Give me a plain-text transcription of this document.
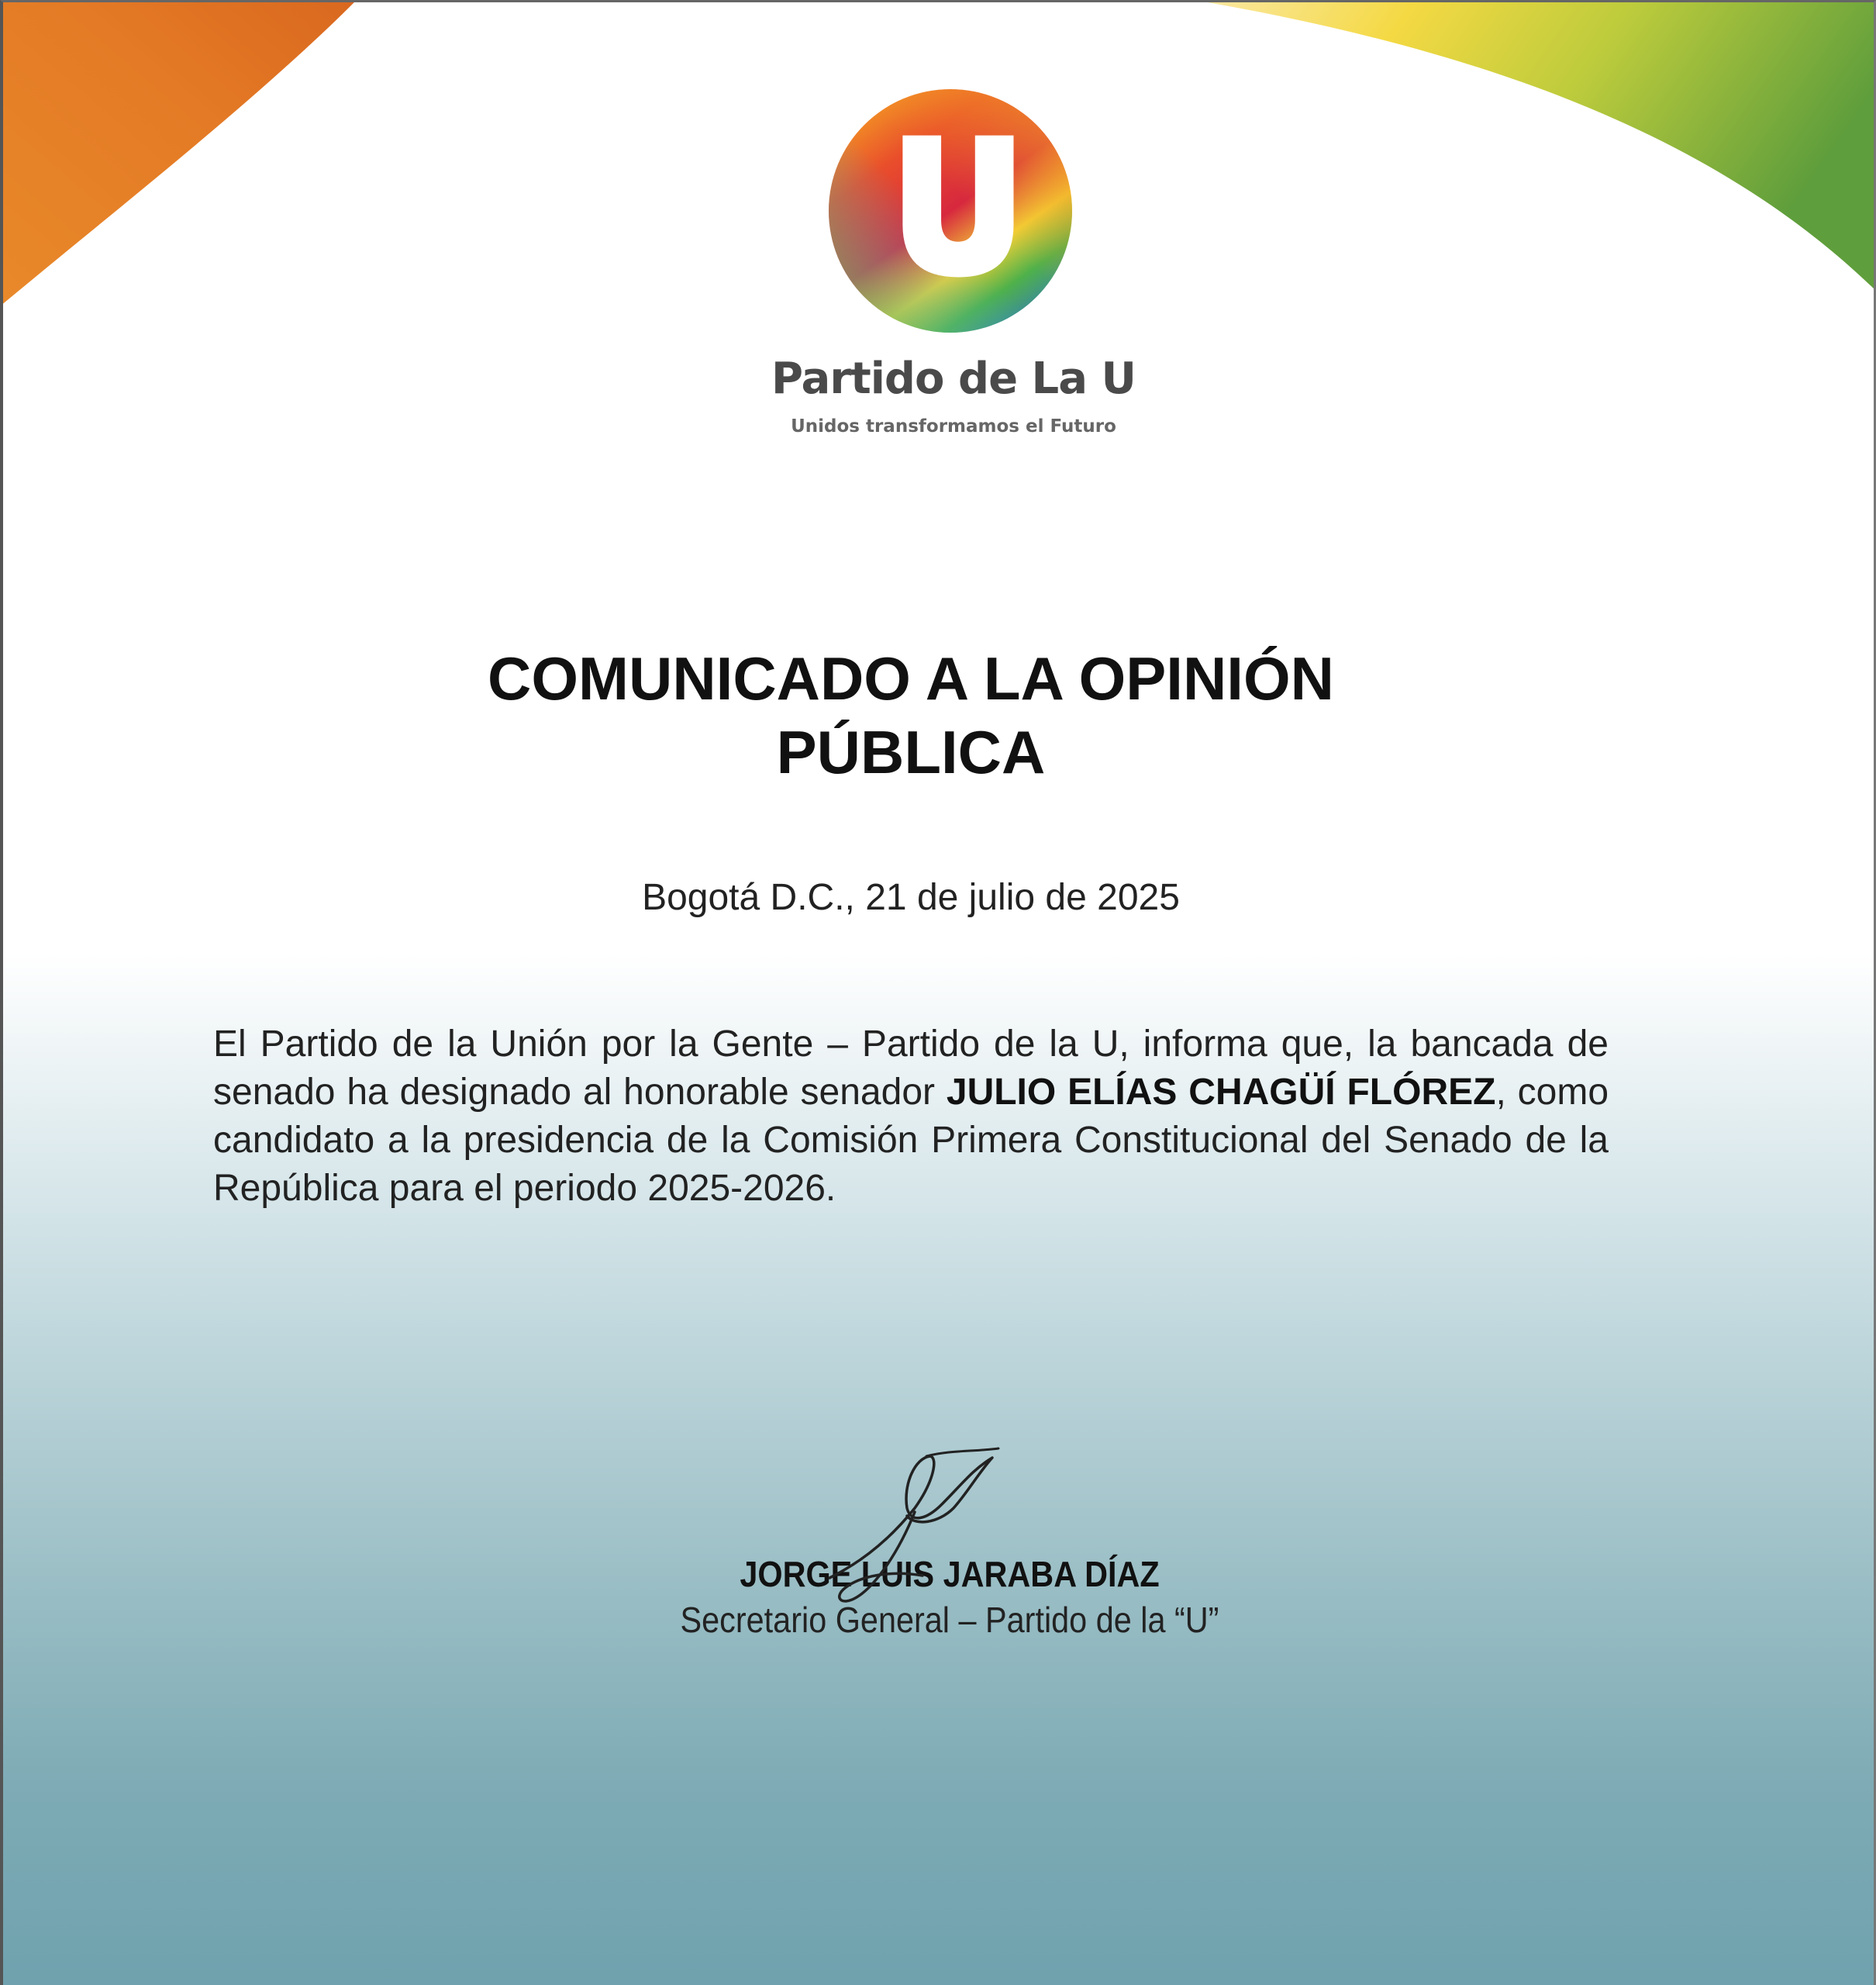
Partido de La U
Unidos transformamos el Futuro
COMUNICADO A LA OPINIÓN
PÚBLICA
Bogotá D.C., 21 de julio de 2025

El Partido de la Unión por la Gente – Partido de la U, informa que, la bancada de senado ha designado al honorable senador JULIO ELÍAS CHAGÜÍ FLÓREZ, como candidato a la presidencia de la Comisión Primera Constitucional del Senado de la República para el periodo 2025-2026.

JORGE LUIS JARABA DÍAZ
Secretario General – Partido de la “U”
